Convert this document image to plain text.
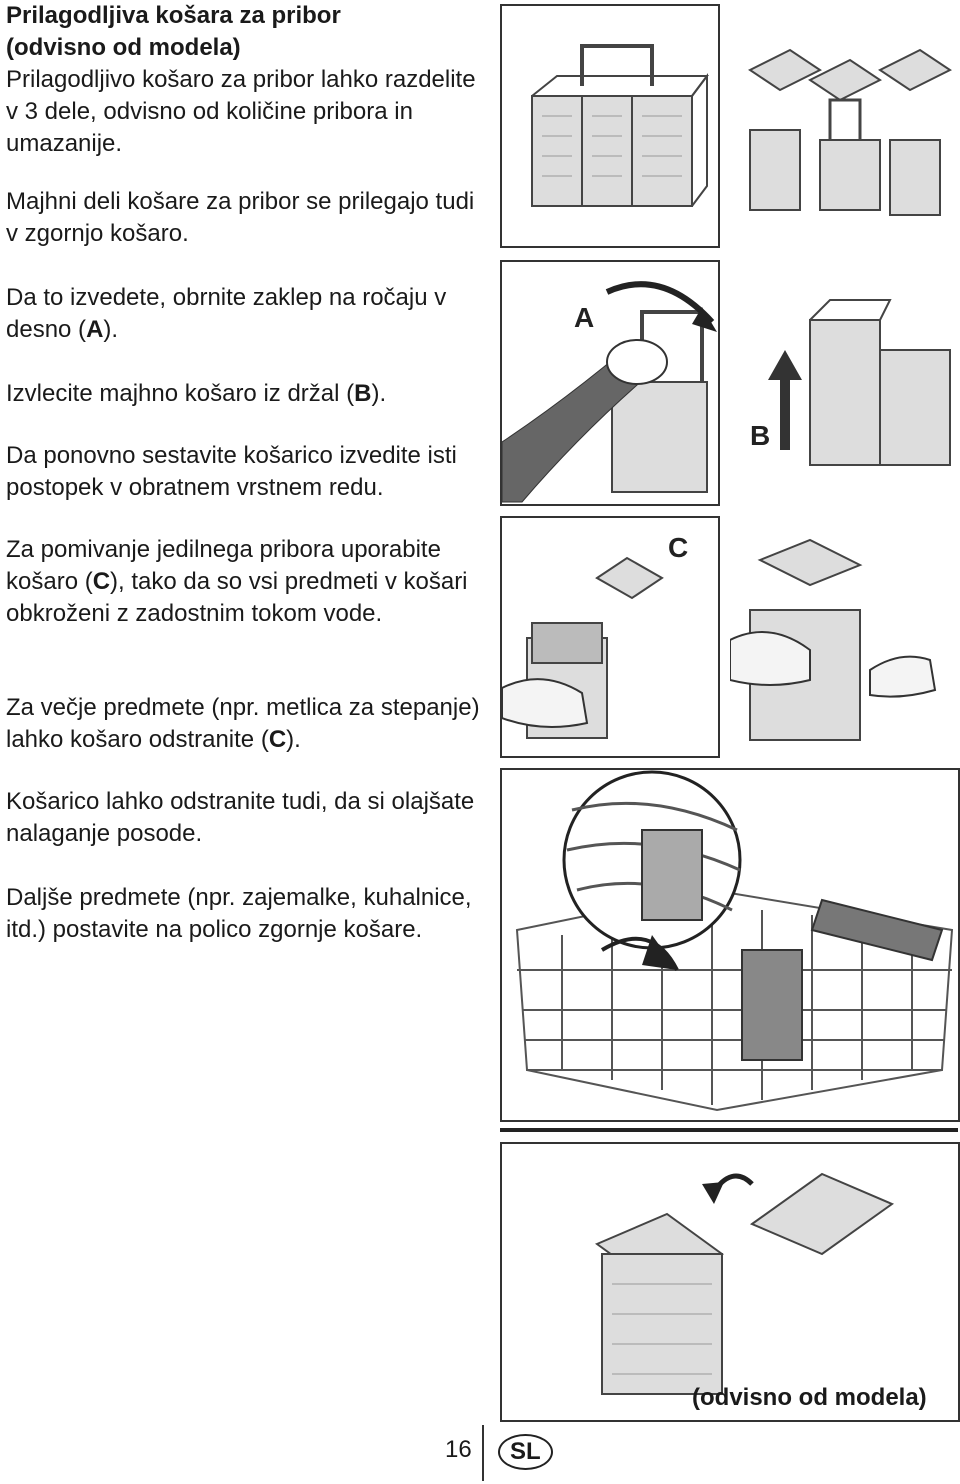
Prilagodljiva košara za pribor
(odvisno od modela)
Prilagodljivo košaro za pribor lahko razdelite v 3 dele, odvisno od količine pribora in umazanije.
Majhni deli košare za pribor se prilegajo tudi v zgornjo košaro.
Da to izvedete, obrnite zaklep na ročaju v desno (A).
Izvlecite majhno košaro iz držal (B).
Da ponovno sestavite košarico izvedite isti postopek v obratnem vrstnem redu.
Za pomivanje jedilnega pribora uporabite košaro (C), tako da so vsi predmeti v košari obkroženi z zadostnim tokom vode.
Za večje predmete (npr. metlica za stepanje) lahko košaro odstranite (C).
Košarico lahko odstranite tudi, da si olajšate nalaganje posode.
Daljše predmete (npr. zajemalke, kuhalnice, itd.) postavite na polico zgornje košare.
A
B
C
(odvisno od modela)
16	SL
